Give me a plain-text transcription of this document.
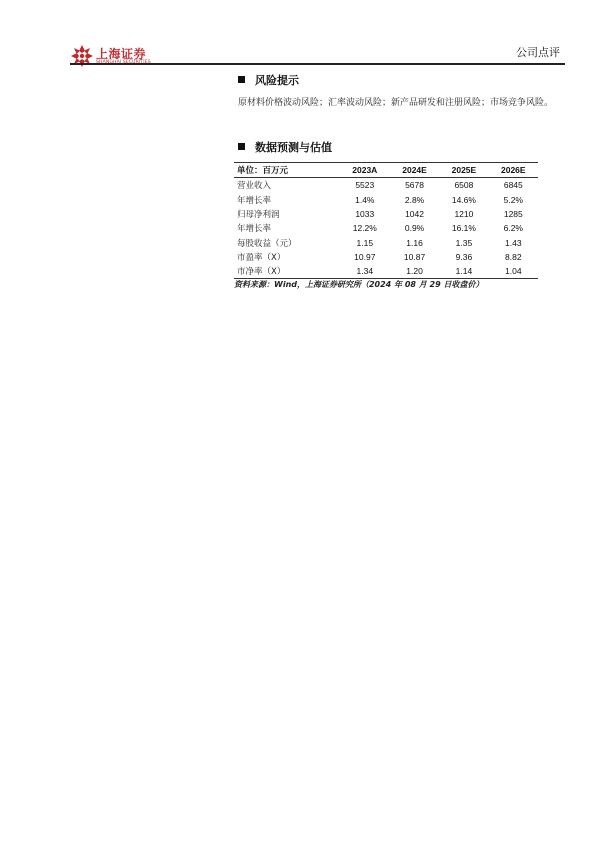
上海证券	公司点评
风险提示
原材料价格波动风险；汇率波动风险；新产品研发和注册风险；市场竞争风险。
数据预测与估值
单位：百万元	2023A	2024E	2025E	2026E
营业收入	5523	5678	6508	6845
年增长率	1.4%	2.8%	14.6%	5.2%
归母净利润	1033	1042	1210	1285
年增长率	12.2%	0.9%	16.1%	6.2%
每股收益（元）	1.15	1.16	1.35	1.43
市盈率（X）	10.97	10.87	9.36	8.82
市净率（X）	1.34	1.20	1.14	1.04
资料来源：Wind，上海证券研究所（2024 年 08 月 29 日收盘价）
